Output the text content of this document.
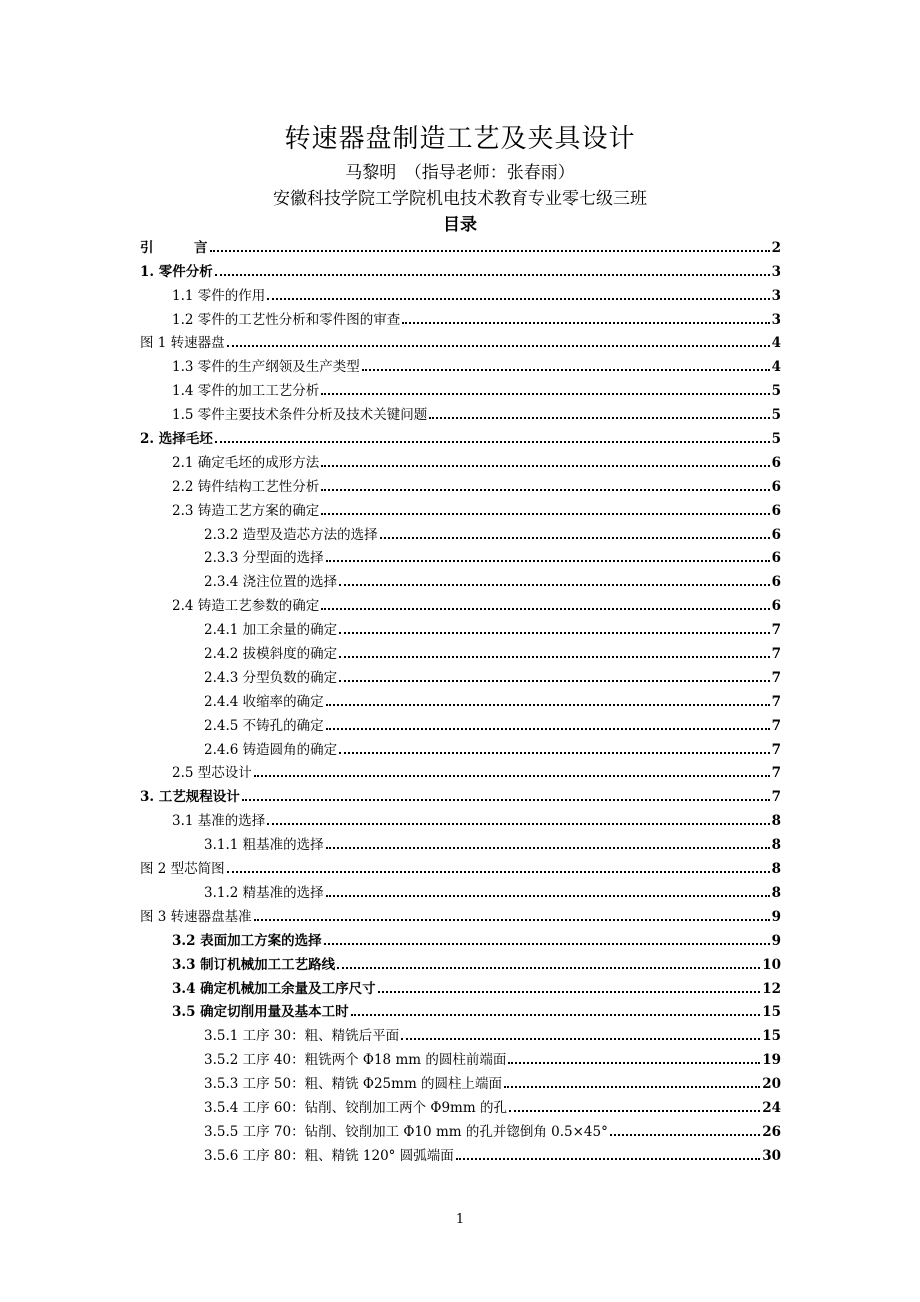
转速器盘制造工艺及夹具设计
马黎明　（指导老师：张春雨）
安徽科技学院工学院机电技术教育专业零七级三班
目录
引　　　言	2
1. 零件分析	3
1.1 零件的作用	3
1.2 零件的工艺性分析和零件图的审查	3
图 1 转速器盘	4
1.3 零件的生产纲领及生产类型	4
1.4 零件的加工工艺分析	5
1.5 零件主要技术条件分析及技术关键问题	5
2. 选择毛坯	5
2.1 确定毛坯的成形方法	6
2.2 铸件结构工艺性分析	6
2.3 铸造工艺方案的确定	6
2.3.2 造型及造芯方法的选择	6
2.3.3 分型面的选择	6
2.3.4 浇注位置的选择	6
2.4 铸造工艺参数的确定	6
2.4.1 加工余量的确定	7
2.4.2 拔模斜度的确定	7
2.4.3 分型负数的确定	7
2.4.4 收缩率的确定	7
2.4.5 不铸孔的确定	7
2.4.6 铸造圆角的确定	7
2.5 型芯设计	7
3. 工艺规程设计	7
3.1 基准的选择	8
3.1.1 粗基准的选择	8
图 2 型芯简图	8
3.1.2 精基准的选择	8
图 3 转速器盘基准	9
3.2 表面加工方案的选择	9
3.3 制订机械加工工艺路线	10
3.4 确定机械加工余量及工序尺寸	12
3.5 确定切削用量及基本工时	15
3.5.1 工序 30：粗、精铣后平面	15
3.5.2 工序 40：粗铣两个 Φ18 mm 的圆柱前端面	19
3.5.3 工序 50：粗、精铣 Φ25mm 的圆柱上端面	20
3.5.4 工序 60：钻削、铰削加工两个 Φ9mm 的孔	24
3.5.5 工序 70：钻削、铰削加工 Φ10 mm 的孔并锪倒角 0.5×45°	26
3.5.6 工序 80：粗、精铣 120° 圆弧端面	30
1
